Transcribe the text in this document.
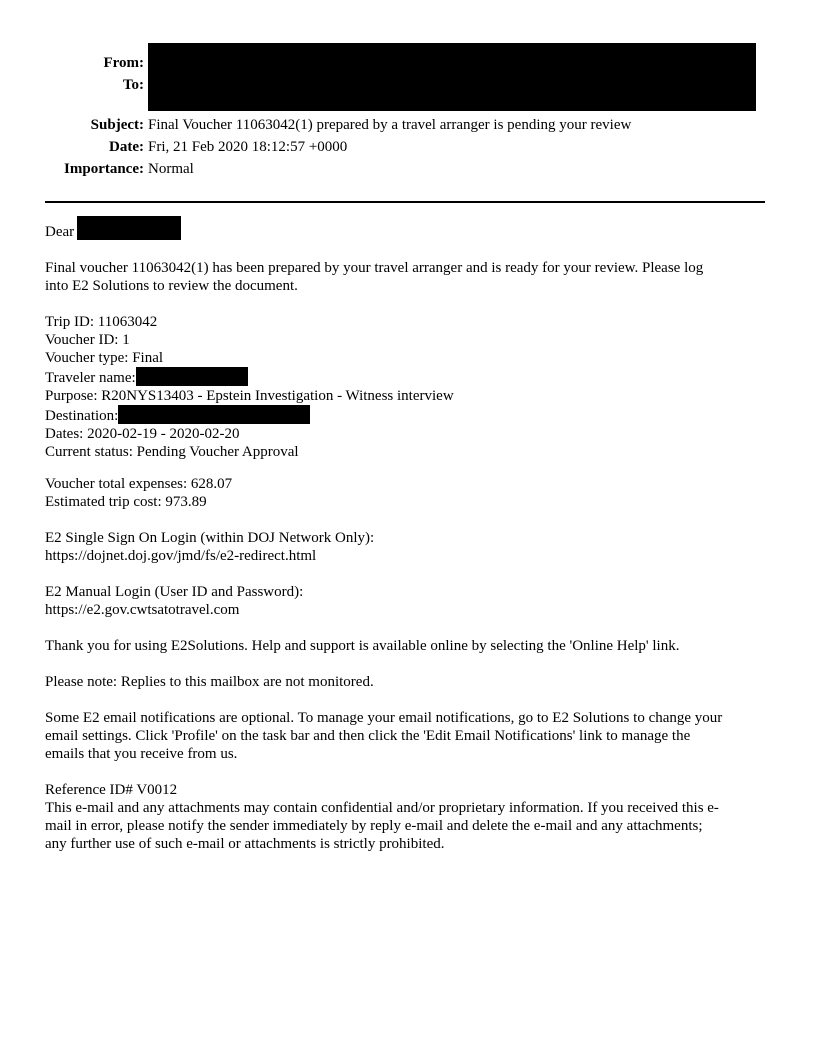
From:
To:
Subject: Final Voucher 11063042(1) prepared by a travel arranger is pending your review
Date: Fri, 21 Feb 2020 18:12:57 +0000
Importance: Normal
Dear
Final voucher 11063042(1) has been prepared by your travel arranger and is ready for your review. Please log
into E2 Solutions to review the document.
Trip ID: 11063042
Voucher ID: 1
Voucher type: Final
Traveler name:
Purpose: R20NYS13403 - Epstein Investigation - Witness interview
Destination:
Dates: 2020-02-19 - 2020-02-20
Current status: Pending Voucher Approval
Voucher total expenses: 628.07
Estimated trip cost: 973.89
E2 Single Sign On Login (within DOJ Network Only):
https://dojnet.doj.gov/jmd/fs/e2-redirect.html
E2 Manual Login (User ID and Password):
https://e2.gov.cwtsatotravel.com
Thank you for using E2Solutions. Help and support is available online by selecting the 'Online Help' link.
Please note: Replies to this mailbox are not monitored.
Some E2 email notifications are optional. To manage your email notifications, go to E2 Solutions to change your
email settings. Click 'Profile' on the task bar and then click the 'Edit Email Notifications' link to manage the
emails that you receive from us.
Reference ID# V0012
This e-mail and any attachments may contain confidential and/or proprietary information. If you received this e-
mail in error, please notify the sender immediately by reply e-mail and delete the e-mail and any attachments;
any further use of such e-mail or attachments is strictly prohibited.
